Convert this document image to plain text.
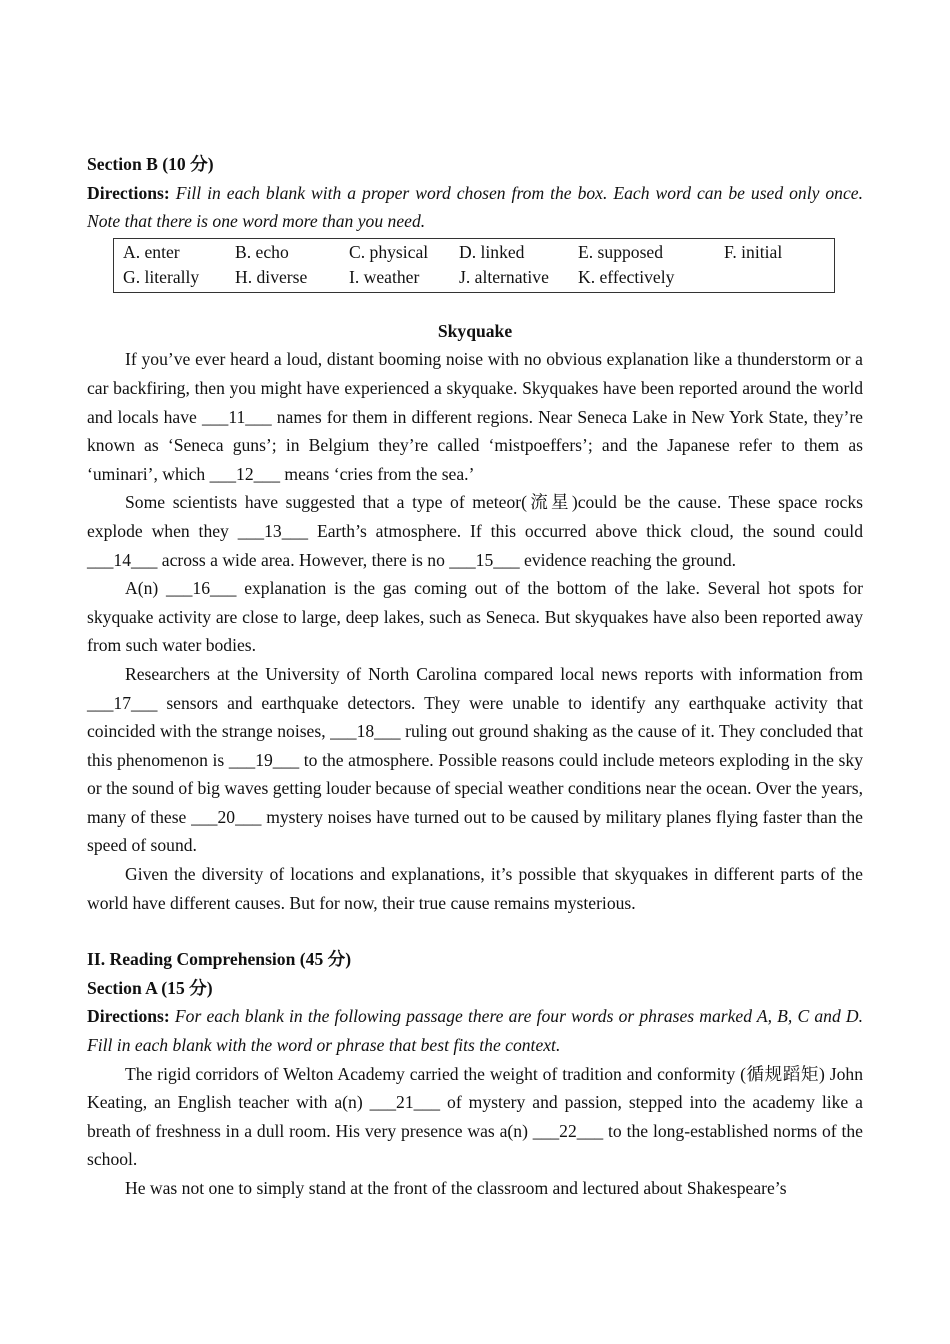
Section B (10 分)

Directions: Fill in each blank with a proper word chosen from the box. Each word can be used only once. Note that there is one word more than you need.

A. enter	B. echo	C. physical	D. linked	E. supposed	F. initial
G. literally	H. diverse	I. weather	J. alternative	K. effectively
Skyquake

If you’ve ever heard a loud, distant booming noise with no obvious explanation like a thunderstorm or a car backfiring, then you might have experienced a skyquake. Skyquakes have been reported around the world and locals have ___11___ names for them in different regions. Near Seneca Lake in New York State, they’re known as ‘Seneca guns’; in Belgium they’re called ‘mistpoeffers’; and the Japanese refer to them as ‘uminari’, which ___12___ means ‘cries from the sea.’

Some scientists have suggested that a type of meteor(流星)could be the cause. These space rocks explode when they ___13___ Earth’s atmosphere. If this occurred above thick cloud, the sound could ___14___ across a wide area. However, there is no ___15___ evidence reaching the ground.

A(n) ___16___ explanation is the gas coming out of the bottom of the lake. Several hot spots for skyquake activity are close to large, deep lakes, such as Seneca. But skyquakes have also been reported away from such water bodies.

Researchers at the University of North Carolina compared local news reports with information from ___17___ sensors and earthquake detectors. They were unable to identify any earthquake activity that coincided with the strange noises, ___18___ ruling out ground shaking as the cause of it. They concluded that this phenomenon is ___19___ to the atmosphere. Possible reasons could include meteors exploding in the sky or the sound of big waves getting louder because of special weather conditions near the ocean. Over the years, many of these ___20___ mystery noises have turned out to be caused by military planes flying faster than the speed of sound.

Given the diversity of locations and explanations, it’s possible that skyquakes in different parts of the world have different causes. But for now, their true cause remains mysterious.

II. Reading Comprehension (45 分)
Section A (15 分)

Directions: For each blank in the following passage there are four words or phrases marked A, B, C and D. Fill in each blank with the word or phrase that best fits the context.

The rigid corridors of Welton Academy carried the weight of tradition and conformity (循规蹈矩) John Keating, an English teacher with a(n) ___21___ of mystery and passion, stepped into the academy like a breath of freshness in a dull room. His very presence was a(n) ___22___ to the long-established norms of the school.

He was not one to simply stand at the front of the classroom and lectured about Shakespeare’s
